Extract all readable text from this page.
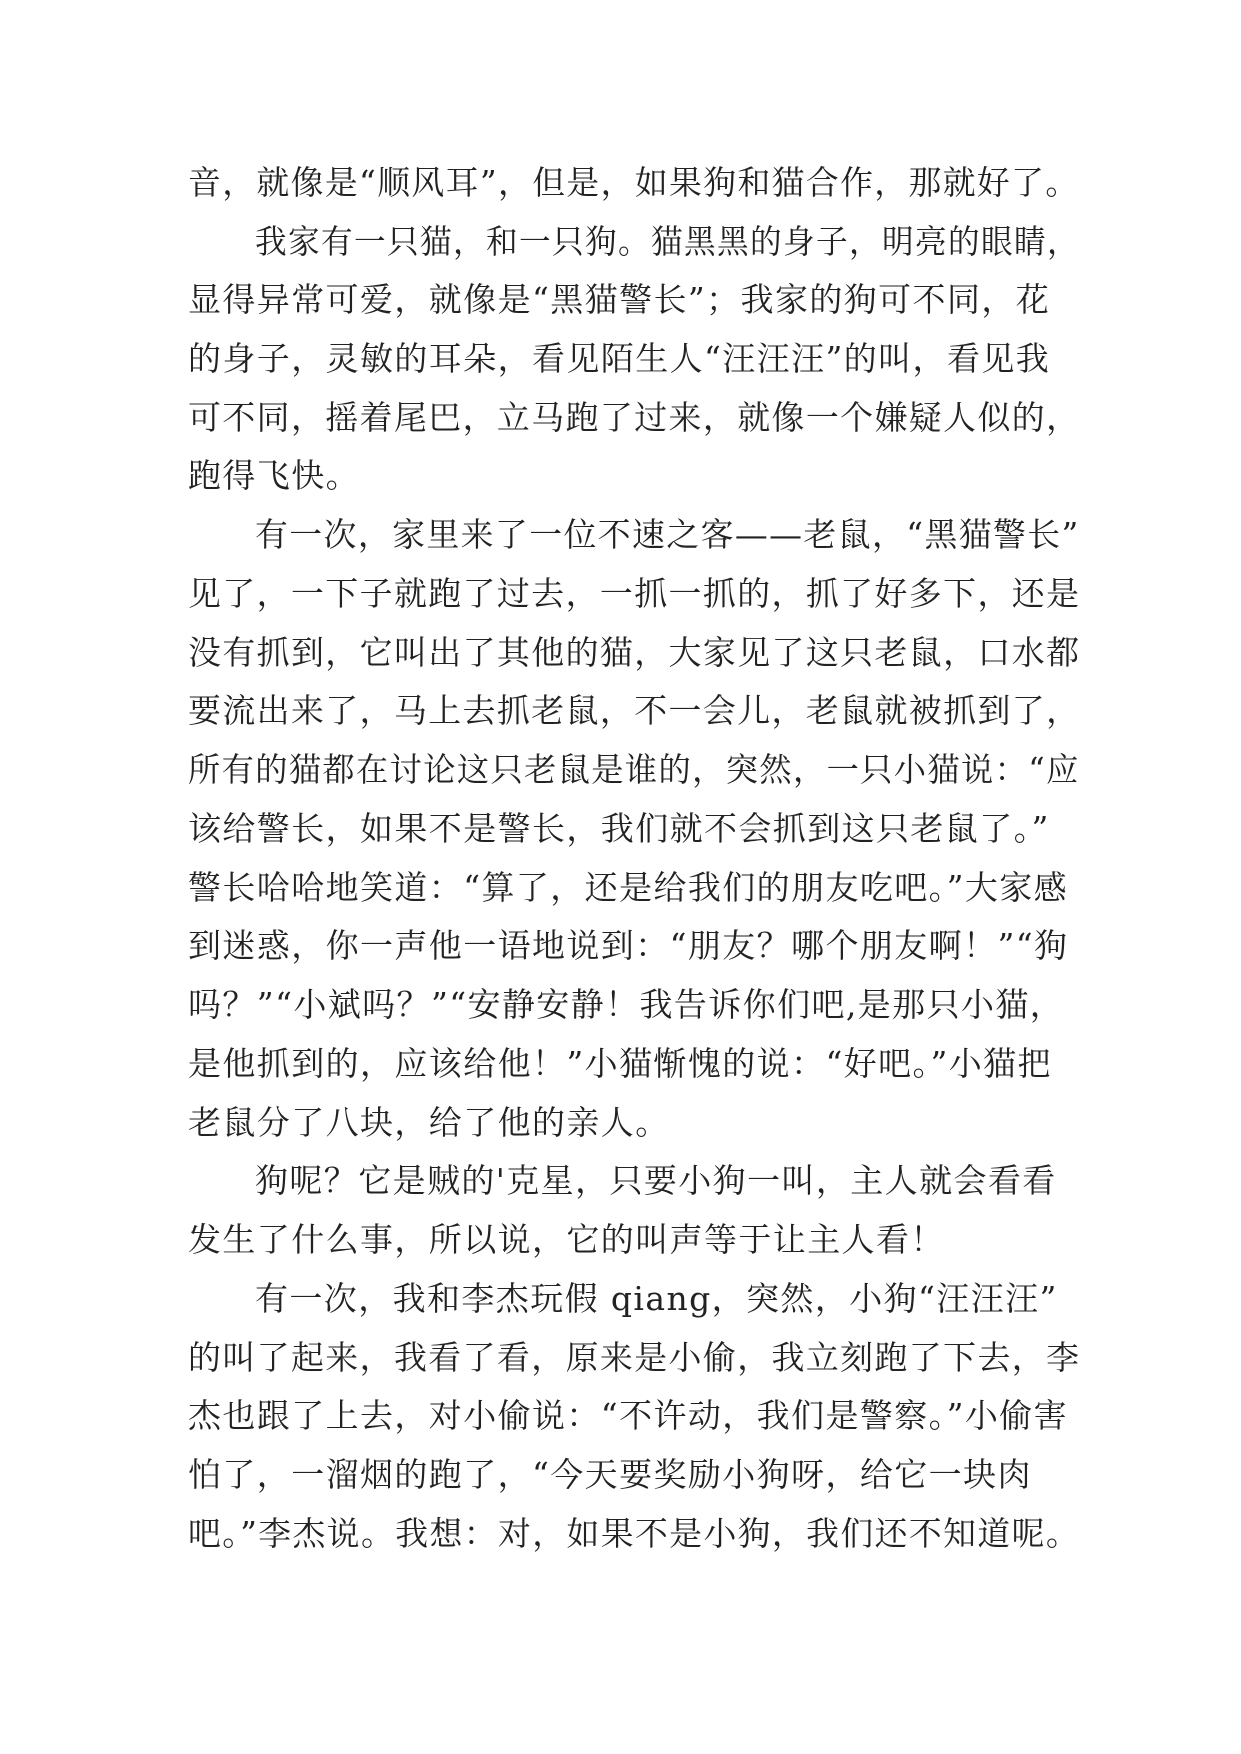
音，就像是“顺风耳”，但是，如果狗和猫合作，那就好了。
我家有一只猫，和一只狗。猫黑黑的身子，明亮的眼睛，
显得异常可爱，就像是“黑猫警长”；我家的狗可不同，花
的身子，灵敏的耳朵，看见陌生人“汪汪汪”的叫，看见我
可不同，摇着尾巴，立马跑了过来，就像一个嫌疑人似的，
跑得飞快。
有一次，家里来了一位不速之客——老鼠，“黑猫警长”
见了，一下子就跑了过去，一抓一抓的，抓了好多下，还是
没有抓到，它叫出了其他的猫，大家见了这只老鼠，口水都
要流出来了，马上去抓老鼠，不一会儿，老鼠就被抓到了，
所有的猫都在讨论这只老鼠是谁的，突然，一只小猫说：“应
该给警长，如果不是警长，我们就不会抓到这只老鼠了。”
警长哈哈地笑道：“算了，还是给我们的朋友吃吧。”大家感
到迷惑，你一声他一语地说到：“朋友？哪个朋友啊！”“狗
吗？”“小斌吗？”“安静安静！我告诉你们吧,是那只小猫，
是他抓到的，应该给他！”小猫惭愧的说：“好吧。”小猫把
老鼠分了八块，给了他的亲人。
狗呢？它是贼的'克星，只要小狗一叫，主人就会看看
发生了什么事，所以说，它的叫声等于让主人看！
有一次，我和李杰玩假 qiang，突然，小狗“汪汪汪”
的叫了起来，我看了看，原来是小偷，我立刻跑了下去，李
杰也跟了上去，对小偷说：“不许动，我们是警察。”小偷害
怕了，一溜烟的跑了，“今天要奖励小狗呀，给它一块肉
吧。”李杰说。我想：对，如果不是小狗，我们还不知道呢。
